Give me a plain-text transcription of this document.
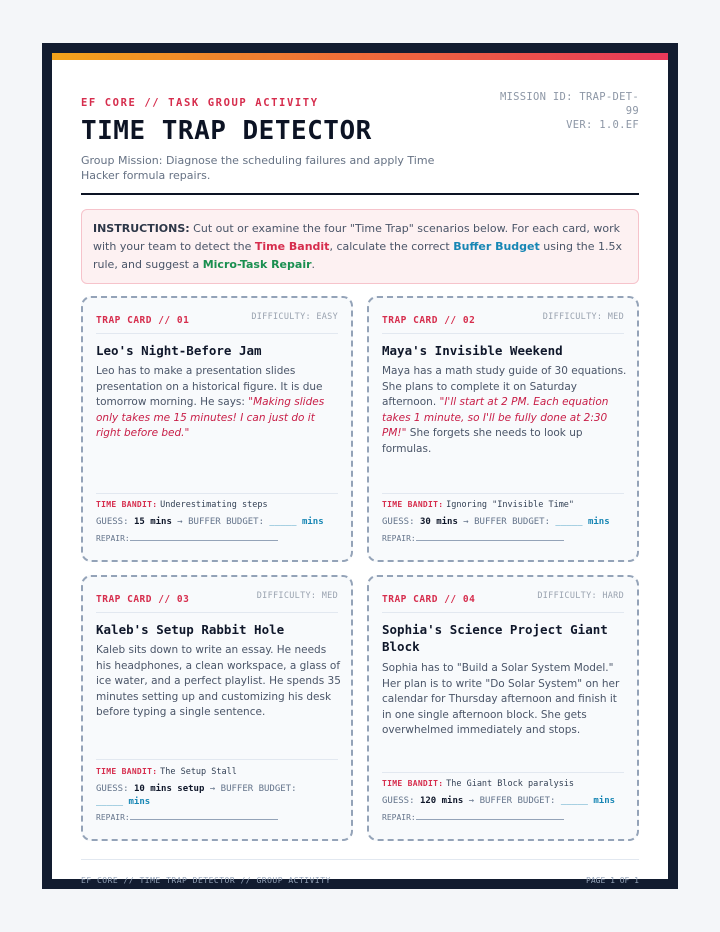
EF CORE // TASK GROUP ACTIVITY
TIME TRAP DETECTOR
Group Mission: Diagnose the scheduling failures and apply Time Hacker formula repairs.
MISSION ID: TRAP-DET-99
VER: 1.0.EF
INSTRUCTIONS: Cut out or examine the four "Time Trap" scenarios below. For each card, work with your team to detect the Time Bandit, calculate the correct Buffer Budget using the 1.5x rule, and suggest a Micro-Task Repair.
TRAP CARD // 01	DIFFICULTY: EASY
Leo's Night-Before Jam
Leo has to make a presentation slides presentation on a historical figure. It is due tomorrow morning. He says: "Making slides only takes me 15 minutes! I can just do it right before bed."
TIME BANDIT: Underestimating steps
GUESS: 15 mins → BUFFER BUDGET: _____ mins
REPAIR:
TRAP CARD // 02	DIFFICULTY: MED
Maya's Invisible Weekend
Maya has a math study guide of 30 equations. She plans to complete it on Saturday afternoon. "I'll start at 2 PM. Each equation takes 1 minute, so I'll be fully done at 2:30 PM!" She forgets she needs to look up formulas.
TIME BANDIT: Ignoring "Invisible Time"
GUESS: 30 mins → BUFFER BUDGET: _____ mins
REPAIR:
TRAP CARD // 03	DIFFICULTY: MED
Kaleb's Setup Rabbit Hole
Kaleb sits down to write an essay. He needs his headphones, a clean workspace, a glass of ice water, and a perfect playlist. He spends 35 minutes setting up and customizing his desk before typing a single sentence.
TIME BANDIT: The Setup Stall
GUESS: 10 mins setup → BUFFER BUDGET: _____ mins
REPAIR:
TRAP CARD // 04	DIFFICULTY: HARD
Sophia's Science Project Giant Block
Sophia has to "Build a Solar System Model." Her plan is to write "Do Solar System" on her calendar for Thursday afternoon and finish it in one single afternoon block. She gets overwhelmed immediately and stops.
TIME BANDIT: The Giant Block paralysis
GUESS: 120 mins → BUFFER BUDGET: _____ mins
REPAIR:
EF CORE // TIME TRAP DETECTOR // GROUP ACTIVITY	PAGE 1 OF 1
